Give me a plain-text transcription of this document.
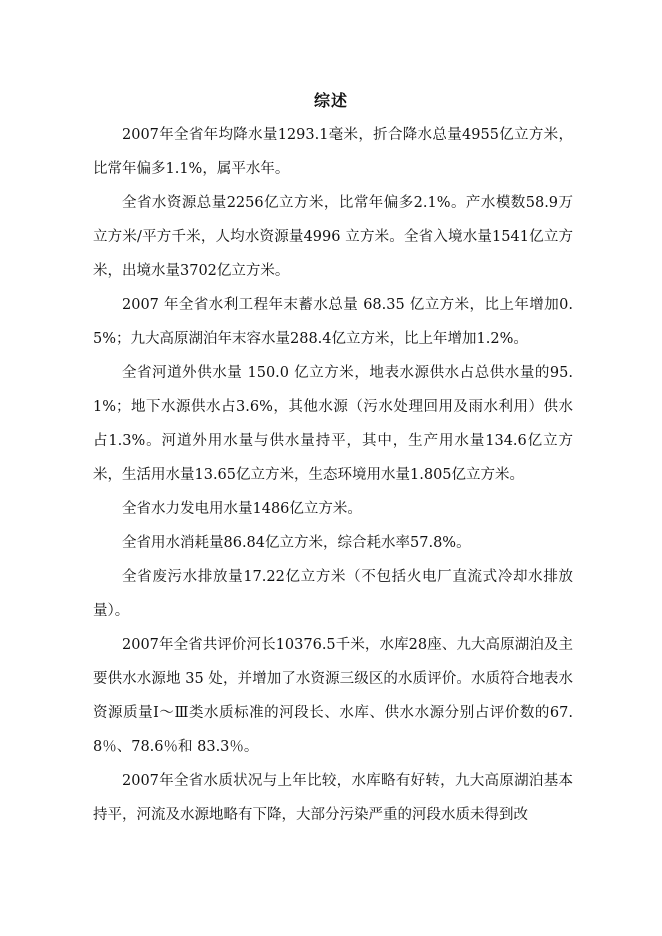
综述

2007年全省年均降水量1293.1毫米，折合降水总量4955亿立方米，比常年偏多1.1%，属平水年。

全省水资源总量2256亿立方米，比常年偏多2.1%。产水模数58.9万立方米/平方千米，人均水资源量4996 立方米。全省入境水量1541亿立方米，出境水量3702亿立方米。

2007 年全省水利工程年末蓄水总量 68.35 亿立方米，比上年增加0.5%；九大高原湖泊年末容水量288.4亿立方米，比上年增加1.2%。

全省河道外供水量 150.0 亿立方米，地表水源供水占总供水量的95.1%；地下水源供水占3.6%，其他水源（污水处理回用及雨水利用）供水占1.3%。河道外用水量与供水量持平，其中，生产用水量134.6亿立方米，生活用水量13.65亿立方米，生态环境用水量1.805亿立方米。

全省水力发电用水量1486亿立方米。

全省用水消耗量86.84亿立方米，综合耗水率57.8%。

全省废污水排放量17.22亿立方米（不包括火电厂直流式冷却水排放量）。

2007年全省共评价河长10376.5千米，水库28座、九大高原湖泊及主要供水水源地 35 处，并增加了水资源三级区的水质评价。水质符合地表水资源质量Ⅰ～Ⅲ类水质标准的河段长、水库、供水水源分别占评价数的67.8％、78.6％和 83.3％。

2007年全省水质状况与上年比较，水库略有好转，九大高原湖泊基本持平，河流及水源地略有下降，大部分污染严重的河段水质未得到改
